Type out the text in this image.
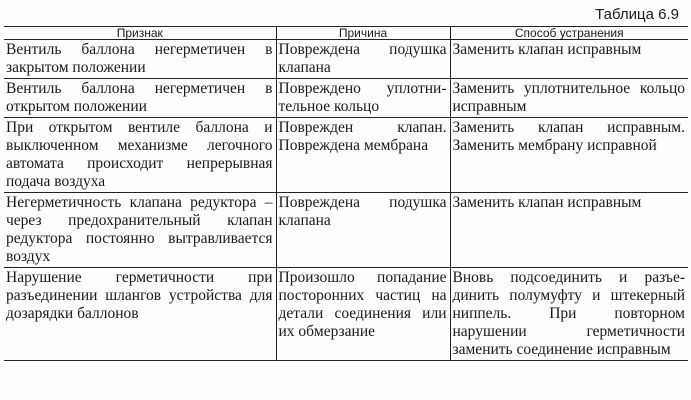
Таблица 6.9
Признак	Причина	Способ устранения
Вентиль баллона негерметичен в закрытом положении	Повреждена подушка клапана	Заменить клапан исправным
Вентиль баллона негерметичен в открытом положении	Повреждено уплотнительное кольцо	Заменить уплотнительное кольцо исправным
При открытом вентиле баллона и выключенном механизме легочного автомата происходит непрерывная подача воздуха	Поврежден клапан. Повреждена мембрана	Заменить клапан исправным. Заменить мембрану исправной
Негерметичность клапана редуктора – через предохранительный клапан редуктора постоянно вытравливается воздух	Повреждена подушка клапана	Заменить клапан исправным
Нарушение герметичности при разъединении шлангов устройства для дозарядки баллонов	Произошло попадание посторонних частиц на детали соединения или их обмерзание	Вновь подсоединить и разъединить полумуфту и штекерный ниппель. При повторном нарушении герметичности заменить соединение исправным
